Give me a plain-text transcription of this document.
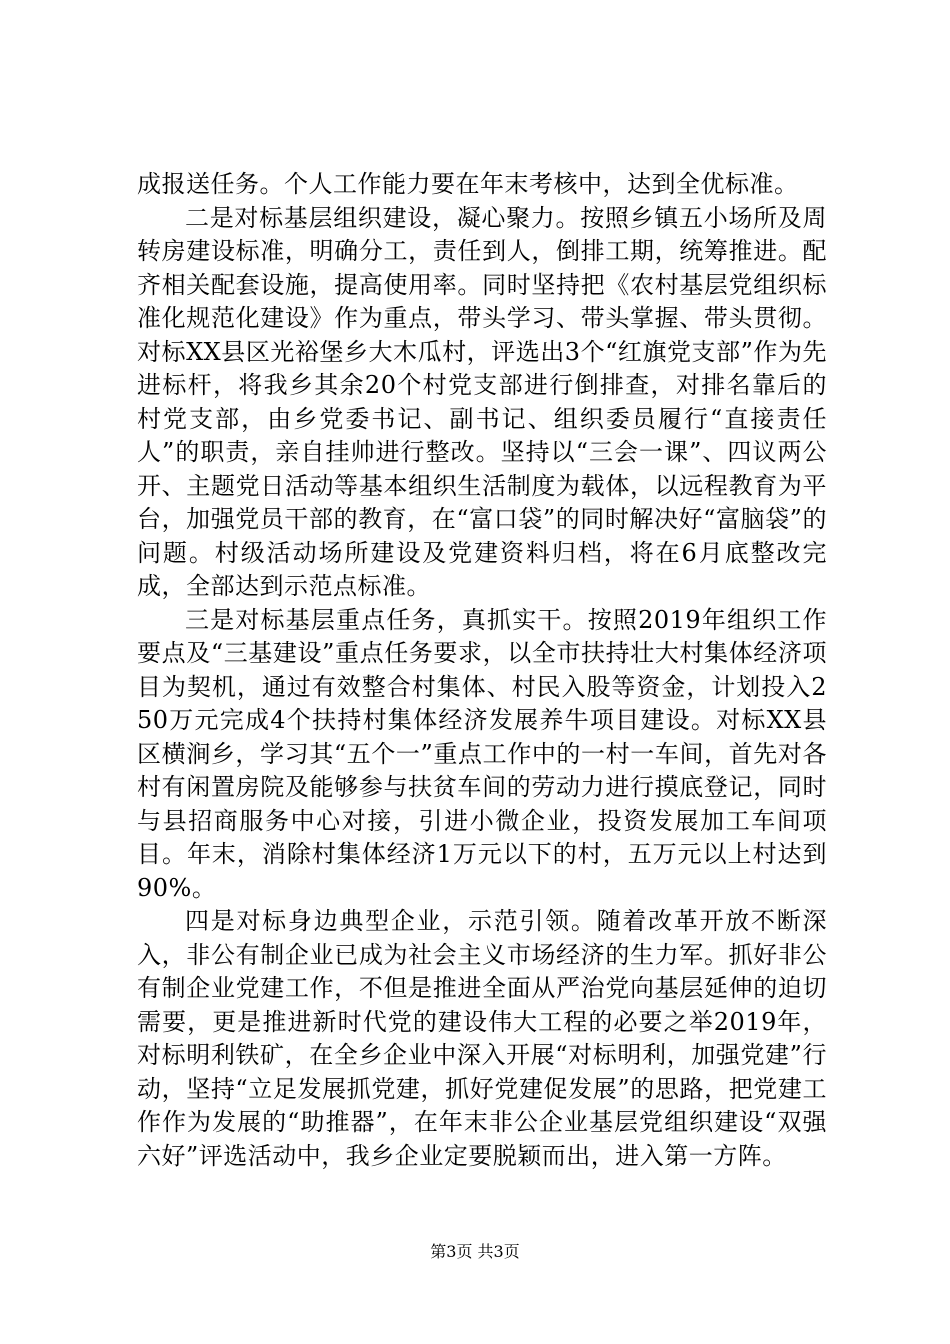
成报送任务。个人工作能力要在年末考核中，达到全优标准。

二是对标基层组织建设，凝心聚力。按照乡镇五小场所及周转房建设标准，明确分工，责任到人，倒排工期，统筹推进。配齐相关配套设施，提高使用率。同时坚持把《农村基层党组织标准化规范化建设》作为重点，带头学习、带头掌握、带头贯彻。对标XX县区光裕堡乡大木瓜村，评选出3个“红旗党支部”作为先进标杆，将我乡其余20个村党支部进行倒排查，对排名靠后的村党支部，由乡党委书记、副书记、组织委员履行“直接责任人”的职责，亲自挂帅进行整改。坚持以“三会一课”、四议两公开、主题党日活动等基本组织生活制度为载体，以远程教育为平台，加强党员干部的教育，在“富口袋”的同时解决好“富脑袋”的问题。村级活动场所建设及党建资料归档，将在6月底整改完成，全部达到示范点标准。

三是对标基层重点任务，真抓实干。按照2019年组织工作要点及“三基建设”重点任务要求，以全市扶持壮大村集体经济项目为契机，通过有效整合村集体、村民入股等资金，计划投入250万元完成4个扶持村集体经济发展养牛项目建设。对标XX县区横涧乡，学习其“五个一”重点工作中的一村一车间，首先对各村有闲置房院及能够参与扶贫车间的劳动力进行摸底登记，同时与县招商服务中心对接，引进小微企业，投资发展加工车间项目。年末，消除村集体经济1万元以下的村，五万元以上村达到90%。

四是对标身边典型企业，示范引领。随着改革开放不断深入，非公有制企业已成为社会主义市场经济的生力军。抓好非公有制企业党建工作，不但是推进全面从严治党向基层延伸的迫切需要，更是推进新时代党的建设伟大工程的必要之举2019年，对标明利铁矿，在全乡企业中深入开展“对标明利，加强党建”行动，坚持“立足发展抓党建，抓好党建促发展”的思路，把党建工作作为发展的“助推器”，在年末非公企业基层党组织建设“双强六好”评选活动中，我乡企业定要脱颖而出，进入第一方阵。

第3页 共3页
